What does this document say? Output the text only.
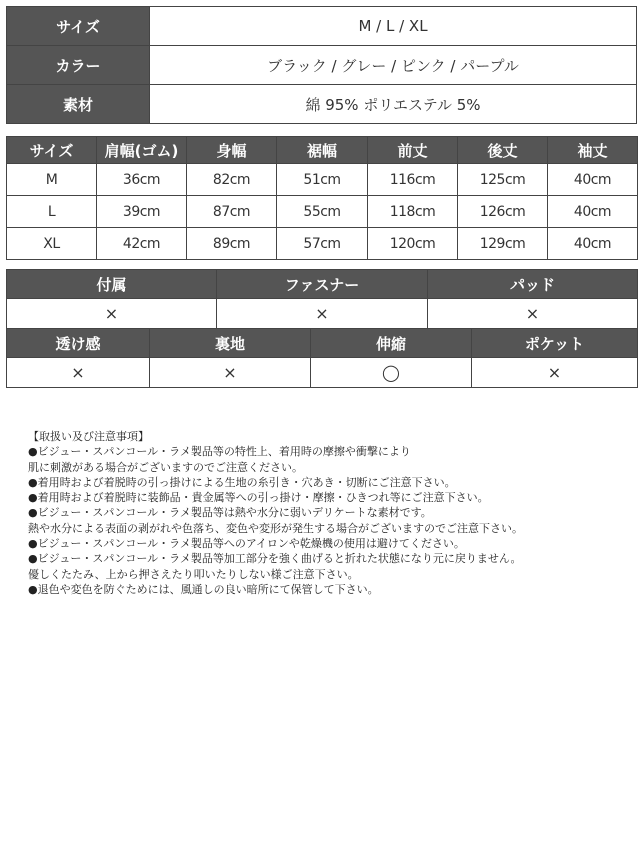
サイズ	M / L / XL
カラー	ブラック / グレー / ピンク / パープル
素材	綿 95% ポリエステル 5%
サイズ	肩幅(ゴム)	身幅	裾幅	前丈	後丈	袖丈
M	36cm	82cm	51cm	116cm	125cm	40cm
L	39cm	87cm	55cm	118cm	126cm	40cm
XL	42cm	89cm	57cm	120cm	129cm	40cm
付属	ファスナー	パッド
×	×	×
透け感	裏地	伸縮	ポケット
×	×	◯	×

【取扱い及び注意事項】

●ビジュー・スパンコール・ラメ製品等の特性上、着用時の摩擦や衝撃により

肌に刺激がある場合がございますのでご注意ください。

●着用時および着脱時の引っ掛けによる生地の糸引き・穴あき・切断にご注意下さい。

●着用時および着脱時に装飾品・貴金属等への引っ掛け・摩擦・ひきつれ等にご注意下さい。

●ビジュー・スパンコール・ラメ製品等は熱や水分に弱いデリケートな素材です。

熱や水分による表面の剥がれや色落ち、変色や変形が発生する場合がございますのでご注意下さい。

●ビジュー・スパンコール・ラメ製品等へのアイロンや乾燥機の使用は避けてください。

●ビジュー・スパンコール・ラメ製品等加工部分を強く曲げると折れた状態になり元に戻りません。

優しくたたみ、上から押さえたり叩いたりしない様ご注意下さい。

●退色や変色を防ぐためには、風通しの良い暗所にて保管して下さい。
